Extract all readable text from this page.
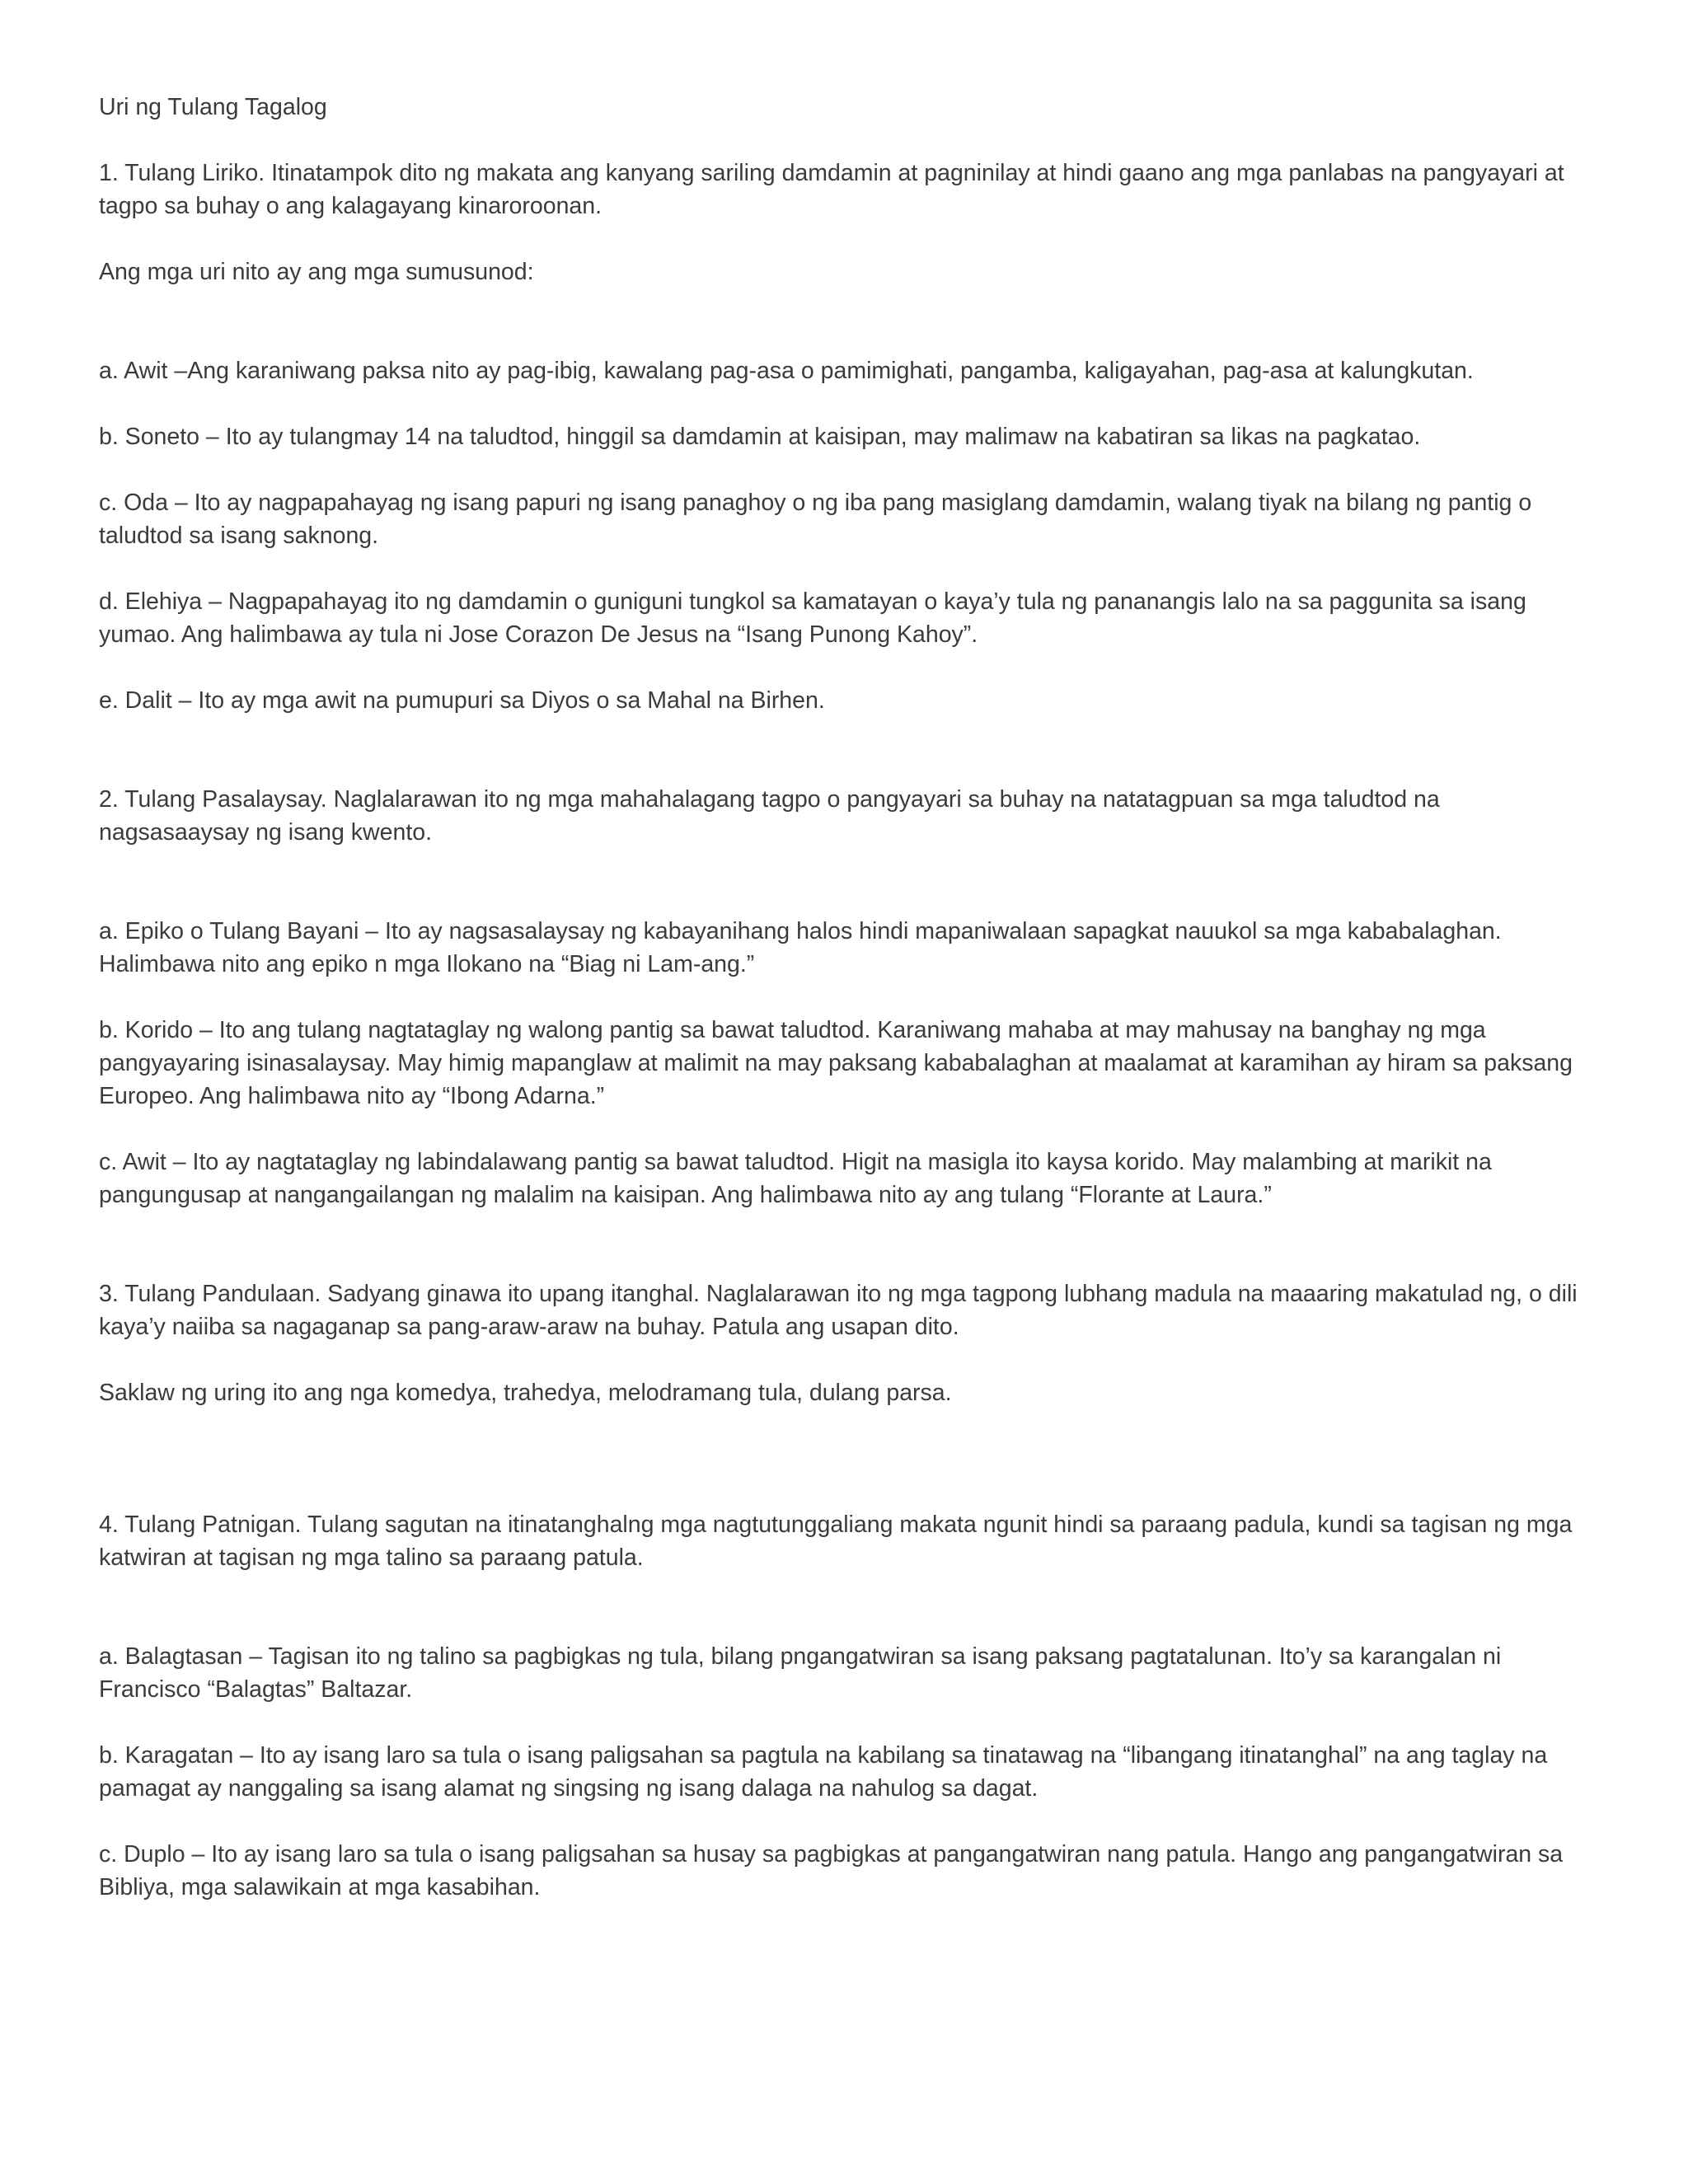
Uri ng Tulang Tagalog

1. Tulang Liriko. Itinatampok dito ng makata ang kanyang sariling damdamin at pagninilay at hindi gaano ang mga panlabas na pangyayari at tagpo sa buhay o ang kalagayang kinaroroonan.

Ang mga uri nito ay ang mga sumusunod:

a. Awit –Ang karaniwang paksa nito ay pag-ibig, kawalang pag-asa o pamimighati, pangamba, kaligayahan, pag-asa at kalungkutan.

b. Soneto – Ito ay tulangmay 14 na taludtod, hinggil sa damdamin at kaisipan, may malimaw na kabatiran sa likas na pagkatao.

c. Oda – Ito ay nagpapahayag ng isang papuri ng isang panaghoy o ng iba pang masiglang damdamin, walang tiyak na bilang ng pantig o taludtod sa isang saknong.

d. Elehiya – Nagpapahayag ito ng damdamin o guniguni tungkol sa kamatayan o kaya’y tula ng pananangis lalo na sa paggunita sa isang yumao. Ang halimbawa ay tula ni Jose Corazon De Jesus na “Isang Punong Kahoy”.

e. Dalit – Ito ay mga awit na pumupuri sa Diyos o sa Mahal na Birhen.

2. Tulang Pasalaysay. Naglalarawan ito ng mga mahahalagang tagpo o pangyayari sa buhay na natatagpuan sa mga taludtod na nagsasaaysay ng isang kwento.

a. Epiko o Tulang Bayani – Ito ay nagsasalaysay ng kabayanihang halos hindi mapaniwalaan sapagkat nauukol sa mga kababalaghan. Halimbawa nito ang epiko n mga Ilokano na “Biag ni Lam-ang.”

b. Korido – Ito ang tulang nagtataglay ng walong pantig sa bawat taludtod. Karaniwang mahaba at may mahusay na banghay ng mga pangyayaring isinasalaysay. May himig mapanglaw at malimit na may paksang kababalaghan at maalamat at karamihan ay hiram sa paksang Europeo. Ang halimbawa nito ay “Ibong Adarna.”

c. Awit – Ito ay nagtataglay ng labindalawang pantig sa bawat taludtod. Higit na masigla ito kaysa korido. May malambing at marikit na pangungusap at nangangailangan ng malalim na kaisipan. Ang halimbawa nito ay ang tulang “Florante at Laura.”

3. Tulang Pandulaan. Sadyang ginawa ito upang itanghal. Naglalarawan ito ng mga tagpong lubhang madula na maaaring makatulad ng, o dili kaya’y naiiba sa nagaganap sa pang-araw-araw na buhay. Patula ang usapan dito.

Saklaw ng uring ito ang nga komedya, trahedya, melodramang tula, dulang parsa.

4. Tulang Patnigan. Tulang sagutan na itinatanghalng mga nagtutunggaliang makata ngunit hindi sa paraang padula, kundi sa tagisan ng mga katwiran at tagisan ng mga talino sa paraang patula.

a. Balagtasan – Tagisan ito ng talino sa pagbigkas ng tula, bilang pngangatwiran sa isang paksang pagtatalunan. Ito’y sa karangalan ni Francisco “Balagtas” Baltazar.

b. Karagatan – Ito ay isang laro sa tula o isang paligsahan sa pagtula na kabilang sa tinatawag na “libangang itinatanghal” na ang taglay na pamagat ay nanggaling sa isang alamat ng singsing ng isang dalaga na nahulog sa dagat.

c. Duplo – Ito ay isang laro sa tula o isang paligsahan sa husay sa pagbigkas at pangangatwiran nang patula. Hango ang pangangatwiran sa Bibliya, mga salawikain at mga kasabihan.
